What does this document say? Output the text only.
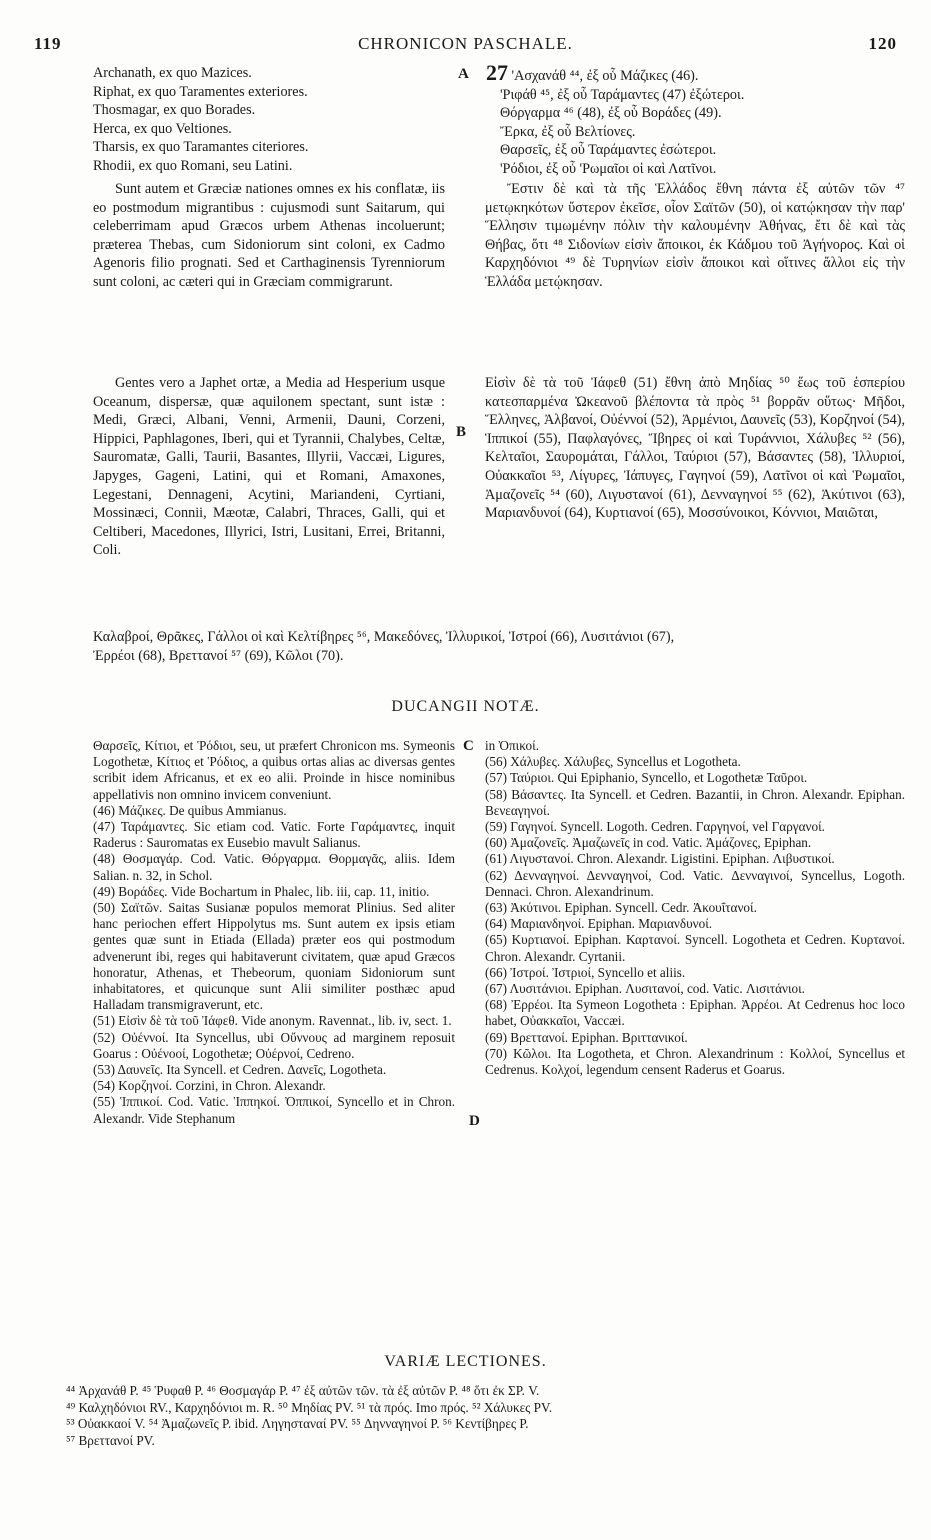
119	CHRONICON PASCHALE.	120
A
B
C
D
Archanath, ex quo Mazices.
Riphat, ex quo Taramentes exteriores.
Thosmagar, ex quo Borades.
Herca, ex quo Veltiones.
Tharsis, ex quo Taramantes citeriores.
Rhodii, ex quo Romani, seu Latini.
27 'Ασχανάθ ⁴⁴, ἐξ οὗ Μάζικες (46).
'Ριφάθ ⁴⁵, ἐξ οὗ Ταράμαντες (47) ἐξώτεροι.
Θόργαρμα ⁴⁶ (48), ἐξ οὗ Βοράδες (49).
Ἔρκα, ἐξ οὗ Βελτίονες.
Θαρσεῖς, ἐξ οὗ Ταράμαντες ἐσώτεροι.
'Ρόδιοι, ἐξ οὗ 'Ρωμαῖοι οἱ καὶ Λατῖνοι.

Sunt autem et Græciæ nationes omnes ex his conflatæ, iis eo postmodum migrantibus : cujusmodi sunt Saitarum, qui celeberrimam apud Græcos urbem Athenas incoluerunt; præterea Thebas, cum Sidoniorum sint coloni, ex Cadmo Agenoris filio prognati. Sed et Carthaginensis Tyrenniorum sunt coloni, ac cæteri qui in Græciam commigrarunt.

Ἔστιν δὲ καὶ τὰ τῆς Ἑλλάδος ἔθνη πάντα ἐξ αὐτῶν τῶν ⁴⁷ μετῳκηκότων ὕστερον ἐκεῖσε, οἷον Σαϊτῶν (50), οἱ κατῴκησαν τὴν παρ' Ἕλλησιν τιμωμένην πόλιν τὴν καλουμένην Ἀθήνας, ἔτι δὲ καὶ τὰς Θήβας, ὅτι ⁴⁸ Σιδονίων εἰσὶν ἄποικοι, ἐκ Κάδμου τοῦ Ἀγήνορος. Καὶ οἱ Καρχηδόνιοι ⁴⁹ δὲ Τυρηνίων εἰσὶν ἄποικοι καὶ οἵτινες ἄλλοι εἰς τὴν Ἑλλάδα μετῴκησαν.

Gentes vero a Japhet ortæ, a Media ad Hesperium usque Oceanum, dispersæ, quæ aquilonem spectant, sunt istæ : Medi, Græci, Albani, Venni, Armenii, Dauni, Corzeni, Hippici, Paphlagones, Iberi, qui et Tyrannii, Chalybes, Celtæ, Sauromatæ, Galli, Taurii, Basantes, Illyrii, Vaccæi, Ligures, Japyges, Gageni, Latini, qui et Romani, Amaxones, Legestani, Dennageni, Acytini, Mariandeni, Cyrtiani, Mossinæci, Connii, Mæotæ, Calabri, Thraces, Galli, qui et Celtiberi, Macedones, Illyrici, Istri, Lusitani, Errei, Britanni, Coli.

Εἰσὶν δὲ τὰ τοῦ Ἰάφεθ (51) ἔθνη ἀπὸ Μηδίας ⁵⁰ ἕως τοῦ ἑσπερίου κατεσπαρμένα Ὠκεανοῦ βλέποντα τὰ πρὸς ⁵¹ βορρᾶν οὕτως· Μῆδοι, Ἕλληνες, Ἀλβανοί, Οὐέννοί (52), Ἀρμένιοι, Δαυνεῖς (53), Κορζηνοί (54), Ἱππικοί (55), Παφλαγόνες, Ἴβηρες οἱ καὶ Τυράννιοι, Χάλυβες ⁵² (56), Κελταῖοι, Σαυρομάται, Γάλλοι, Ταύριοι (57), Βάσαντες (58), Ἰλλυριοί, Οὐακκαῖοι ⁵³, Λίγυρες, Ἰάπυγες, Γαγηνοί (59), Λατῖνοι οἱ καὶ Ῥωμαῖοι, Ἀμαζονεῖς ⁵⁴ (60), Λιγυστανοί (61), Δενναγηνοί ⁵⁵ (62), Ἀκύτινοι (63), Μαριανδυνοί (64), Κυρτιανοί (65), Μοσσύνοικοι, Κόννιοι, Μαιῶται,

Καλαβροί, Θρᾶκες, Γάλλοι οἱ καὶ Κελτίβηρες ⁵⁶, Μακεδόνες, Ἰλλυρικοί, Ἰστροί (66), Λυσιτάνιοι (67),
Ἐρρέοι (68), Βρεττανοί ⁵⁷ (69), Κῶλοι (70).
DUCANGII NOTÆ.

Θαρσεῖς, Κίτιοι, et Ῥόδιοι, seu, ut præfert Chronicon ms. Symeonis Logothetæ, Κίτιος et Ῥόδιος, a quibus ortas alias ac diversas gentes scribit idem Africanus, et ex eo alii. Proinde in hisce nominibus appellativis non omnino invicem conveniunt.

(46) Μάζικες. De quibus Ammianus.

(47) Ταράμαντες. Sic etiam cod. Vatic. Forte Γαράμαντες, inquit Raderus : Sauromatas ex Eusebio mavult Salianus.

(48) Θοσμαγάρ. Cod. Vatic. Θόργαρμα. Θορμαγᾶς, aliis. Idem Salian. n. 32, in Schol.

(49) Βοράδες. Vide Bochartum in Phalec, lib. iii, cap. 11, initio.

(50) Σαϊτῶν. Saitas Susianæ populos memorat Plinius. Sed aliter hanc periochen effert Hippolytus ms. Sunt autem ex ipsis etiam gentes quæ sunt in Etiada (Ellada) præter eos qui postmodum advenerunt ibi, reges qui habitaverunt civitatem, quæ apud Græcos honoratur, Athenas, et Thebeorum, quoniam Sidoniorum sunt inhabitatores, et quicunque sunt Alii similiter posthæc apud Halladam transmigraverunt, etc.

(51) Εἰσὶν δὲ τὰ τοῦ Ἰάφεθ. Vide anonym. Ravennat., lib. iv, sect. 1.

(52) Οὐέννοί. Ita Syncellus, ubi Οὔννους ad marginem reposuit Goarus : Οὐένοοί, Logothetæ; Οὐέρνοί, Cedreno.

(53) Δαυνεῖς. Ita Syncell. et Cedren. Δανεῖς, Logotheta.

(54) Κορζηνοί. Corzini, in Chron. Alexandr.

(55) Ἱππικοί. Cod. Vatic. Ἱππηκοί. Ὀππικοί, Syncello et in Chron. Alexandr. Vide Stephanum

in Ὀπικοί.

(56) Χάλυβες. Χάλυβες, Syncellus et Logotheta.

(57) Ταύριοι. Qui Epiphanio, Syncello, et Logothetæ Ταῦροι.

(58) Βάσαντες. Ita Syncell. et Cedren. Bazantii, in Chron. Alexandr. Epiphan. Βενεαγηνοί.

(59) Γαγηνοί. Syncell. Logoth. Cedren. Γαργηνοί, vel Γαργανοί.

(60) Ἀμαζονεῖς. Ἀμαζωνεῖς in cod. Vatic. Ἀμάζονες, Epiphan.

(61) Λιγυστανοί. Chron. Alexandr. Ligistini. Epiphan. Λιβυστικοί.

(62) Δενναγηνοί. Δενναγηνοί, Cod. Vatic. Δενναγινοί, Syncellus, Logoth. Dennaci. Chron. Alexandrinum.

(63) Ἀκύτινοι. Epiphan. Syncell. Cedr. Ἀκουΐτανοί.

(64) Μαριανδηνοί. Epiphan. Μαριανδυνοί.

(65) Κυρτιανοί. Epiphan. Καρτανοί. Syncell. Logotheta et Cedren. Κυρτανοί. Chron. Alexandr. Cyrtanii.

(66) Ἰστροί. Ἰστριοί, Syncello et aliis.

(67) Λυσιτάνιοι. Epiphan. Λυσιτανοί, cod. Vatic. Λισιτάνιοι.

(68) Ἐρρέοι. Ita Symeon Logotheta : Epiphan. Ἀρρέοι. At Cedrenus hoc loco habet, Οὐακκαῖοι, Vaccæi.

(69) Βρεττανοί. Epiphan. Βριττανικοί.

(70) Κῶλοι. Ita Logotheta, et Chron. Alexandrinum : Κολλοί, Syncellus et Cedrenus. Κολχοί, legendum censent Raderus et Goarus.

VARIÆ LECTIONES.

⁴⁴ Ἀρχανάθ P. ⁴⁵ Ῥυφαθ P. ⁴⁶ Θοσμαγάρ P. ⁴⁷ ἐξ αὐτῶν τῶν. τὰ ἐξ αὐτῶν P. ⁴⁸ ὅτι ἐκ ΣΡ. V.

⁴⁹ Καλχηδόνιοι RV., Καρχηδόνιοι m. R. ⁵⁰ Μηδίας PV. ⁵¹ τὰ πρός. Imo πρός. ⁵² Χάλυκες PV.

⁵³ Οὐακκαοί V. ⁵⁴ Ἀμαζωνεῖς P. ibid. Ληγησταναί PV. ⁵⁵ Δηνναγηνοί P. ⁵⁶ Κεντίβηρες P.

⁵⁷ Βρεττανοί PV.
